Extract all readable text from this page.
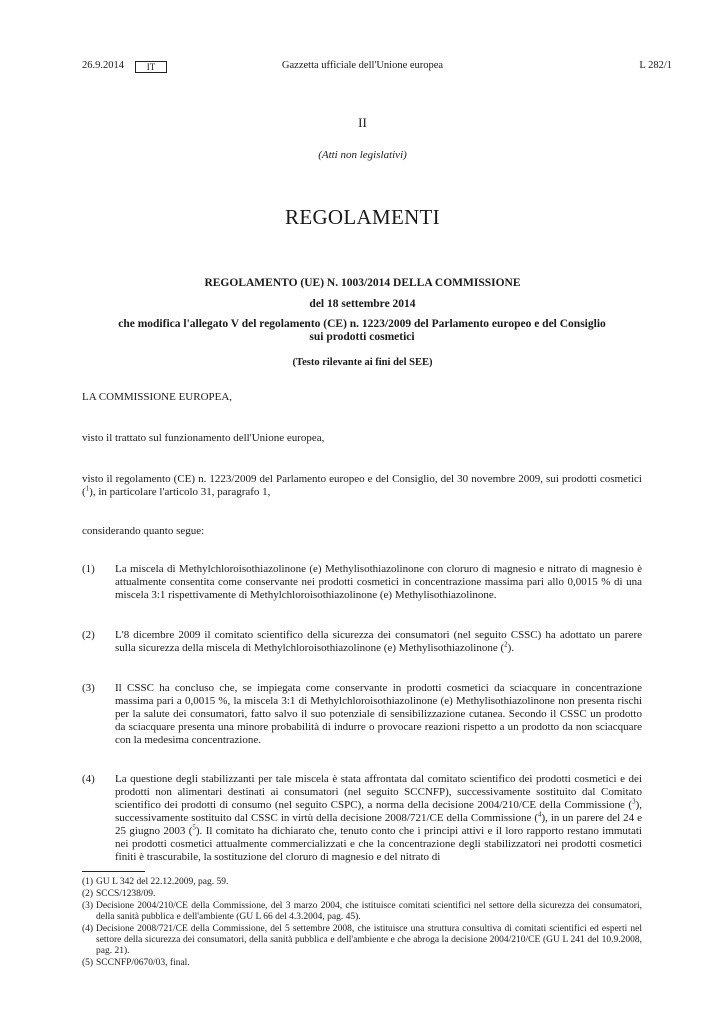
26.9.2014	IT	Gazzetta ufficiale dell'Unione europea	L 282/1
II
(Atti non legislativi)
REGOLAMENTI
REGOLAMENTO (UE) N. 1003/2014 DELLA COMMISSIONE
del 18 settembre 2014
che modifica l'allegato V del regolamento (CE) n. 1223/2009 del Parlamento europeo e del Consiglio sui prodotti cosmetici
(Testo rilevante ai fini del SEE)
LA COMMISSIONE EUROPEA,
visto il trattato sul funzionamento dell'Unione europea,
visto il regolamento (CE) n. 1223/2009 del Parlamento europeo e del Consiglio, del 30 novembre 2009, sui prodotti cosmetici ($^1$), in particolare l'articolo 31, paragrafo 1,
considerando quanto segue:
(1)	La miscela di Methylchloroisothiazolinone (e) Methylisothiazolinone con cloruro di magnesio e nitrato di magnesio è attualmente consentita come conservante nei prodotti cosmetici in concentrazione massima pari allo 0,0015 % di una miscela 3:1 rispettivamente di Methylchloroisothiazolinone (e) Methylisothiazolinone.
(2)	L'8 dicembre 2009 il comitato scientifico della sicurezza dei consumatori (nel seguito CSSC) ha adottato un parere sulla sicurezza della miscela di Methylchloroisothiazolinone (e) Methylisothiazolinone ($^2$).
(3)	Il CSSC ha concluso che, se impiegata come conservante in prodotti cosmetici da sciacquare in concentrazione massima pari a 0,0015 %, la miscela 3:1 di Methylchloroisothiazolinone (e) Methylisothiazolinone non presenta rischi per la salute dei consumatori, fatto salvo il suo potenziale di sensibilizzazione cutanea. Secondo il CSSC un prodotto da sciacquare presenta una minore probabilità di indurre o provocare reazioni rispetto a un prodotto da non sciacquare con la medesima concentrazione.
(4)	La questione degli stabilizzanti per tale miscela è stata affrontata dal comitato scientifico dei prodotti cosmetici e dei prodotti non alimentari destinati ai consumatori (nel seguito SCCNFP), successivamente sostituito dal Comitato scientifico dei prodotti di consumo (nel seguito CSPC), a norma della decisione 2004/210/CE della Commissione ($^3$), successivamente sostituito dal CSSC in virtù della decisione 2008/721/CE della Commissione ($^4$), in un parere del 24 e 25 giugno 2003 ($^5$). Il comitato ha dichiarato che, tenuto conto che i principi attivi e il loro rapporto restano immutati nei prodotti cosmetici attualmente commercializzati e che la concentrazione degli stabilizzatori nei prodotti cosmetici finiti è trascurabile, la sostituzione del cloruro di magnesio e del nitrato di
(1) GU L 342 del 22.12.2009, pag. 59.
(2) SCCS/1238/09.
(3) Decisione 2004/210/CE della Commissione, del 3 marzo 2004, che istituisce comitati scientifici nel settore della sicurezza dei consumatori, della sanità pubblica e dell'ambiente (GU L 66 del 4.3.2004, pag. 45).
(4) Decisione 2008/721/CE della Commissione, del 5 settembre 2008, che istituisce una struttura consultiva di comitati scientifici ed esperti nel settore della sicurezza dei consumatori, della sanità pubblica e dell'ambiente e che abroga la decisione 2004/210/CE (GU L 241 del 10.9.2008, pag. 21).
(5) SCCNFP/0670/03, final.
